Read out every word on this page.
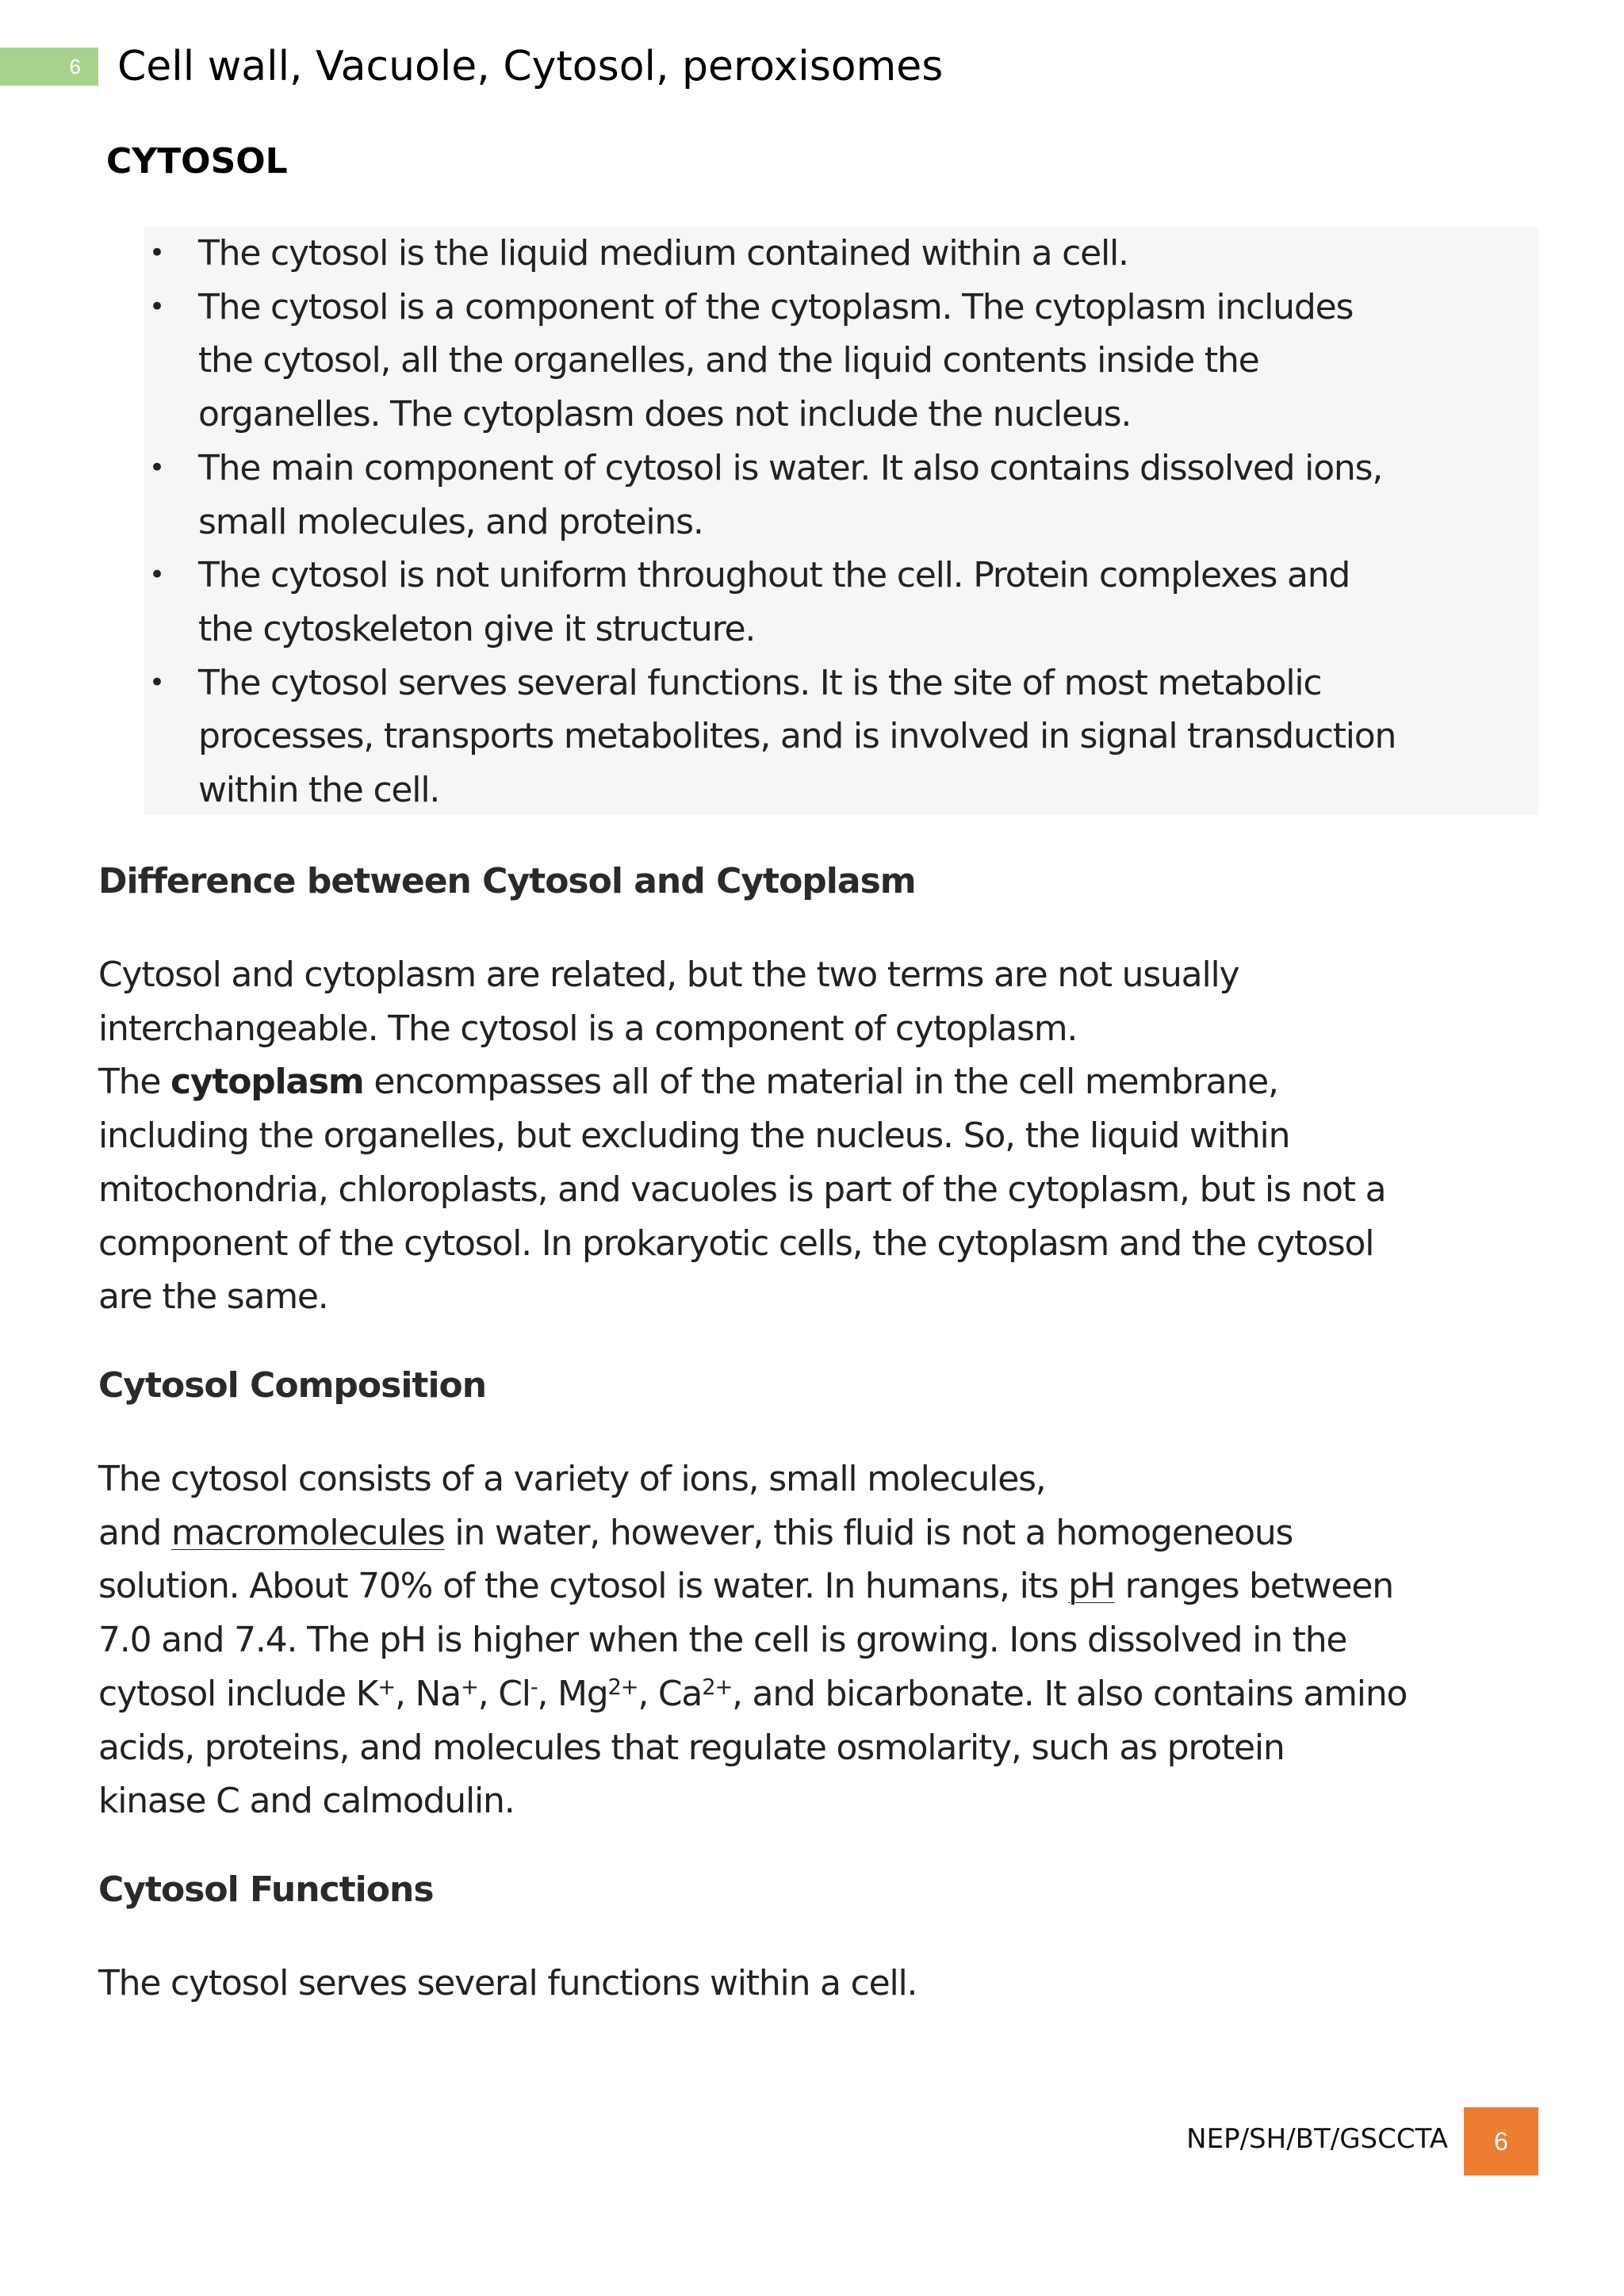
6 Cell wall, Vacuole, Cytosol, peroxisomes
CYTOSOL
• The cytosol is the liquid medium contained within a cell.
• The cytosol is a component of the cytoplasm. The cytoplasm includes
the cytosol, all the organelles, and the liquid contents inside the
organelles. The cytoplasm does not include the nucleus.
• The main component of cytosol is water. It also contains dissolved ions,
small molecules, and proteins.
• The cytosol is not uniform throughout the cell. Protein complexes and
the cytoskeleton give it structure.
• The cytosol serves several functions. It is the site of most metabolic
processes, transports metabolites, and is involved in signal transduction
within the cell.
Difference between Cytosol and Cytoplasm
Cytosol and cytoplasm are related, but the two terms are not usually
interchangeable. The cytosol is a component of cytoplasm.
The cytoplasm encompasses all of the material in the cell membrane,
including the organelles, but excluding the nucleus. So, the liquid within
mitochondria, chloroplasts, and vacuoles is part of the cytoplasm, but is not a
component of the cytosol. In prokaryotic cells, the cytoplasm and the cytosol
are the same.
Cytosol Composition
The cytosol consists of a variety of ions, small molecules,
and macromolecules in water, however, this fluid is not a homogeneous
solution. About 70% of the cytosol is water. In humans, its pH ranges between
7.0 and 7.4. The pH is higher when the cell is growing. Ions dissolved in the
cytosol include K+, Na+, Cl-, $Mg^{2+}$, $Ca^{2+}$, and bicarbonate. It also contains amino
acids, proteins, and molecules that regulate osmolarity, such as protein
kinase C and calmodulin.
Cytosol Functions
The cytosol serves several functions within a cell.
NEP/SH/BT/GSCCTA	6
